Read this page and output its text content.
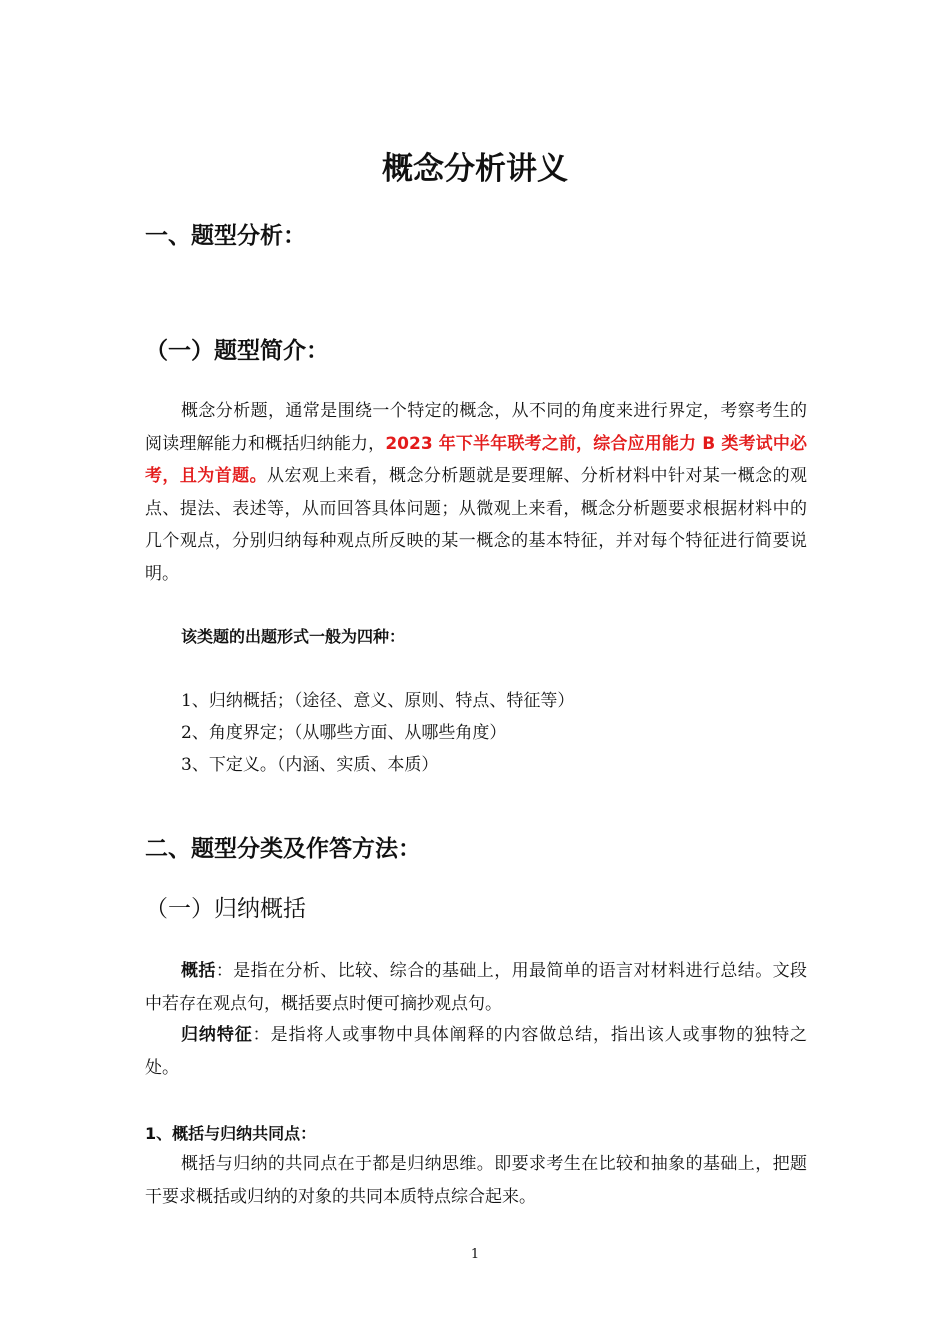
概念分析讲义
一、题型分析：
（一）题型简介：
概念分析题，通常是围绕一个特定的概念，从不同的角度来进行界定，考察考生的阅读理解能力和概括归纳能力，2023 年下半年联考之前，综合应用能力 B 类考试中必考，且为首题。从宏观上来看，概念分析题就是要理解、分析材料中针对某一概念的观点、提法、表述等，从而回答具体问题；从微观上来看，概念分析题要求根据材料中的几个观点，分别归纳每种观点所反映的某一概念的基本特征，并对每个特征进行简要说明。
该类题的出题形式一般为四种：
1、归纳概括；（途径、意义、原则、特点、特征等）
2、角度界定；（从哪些方面、从哪些角度）
3、下定义。（内涵、实质、本质）
二、题型分类及作答方法：
（一）归纳概括
概括：是指在分析、比较、综合的基础上，用最简单的语言对材料进行总结。文段中若存在观点句，概括要点时便可摘抄观点句。
归纳特征：是指将人或事物中具体阐释的内容做总结，指出该人或事物的独特之处。
1、概括与归纳共同点：
概括与归纳的共同点在于都是归纳思维。即要求考生在比较和抽象的基础上，把题干要求概括或归纳的对象的共同本质特点综合起来。
1
